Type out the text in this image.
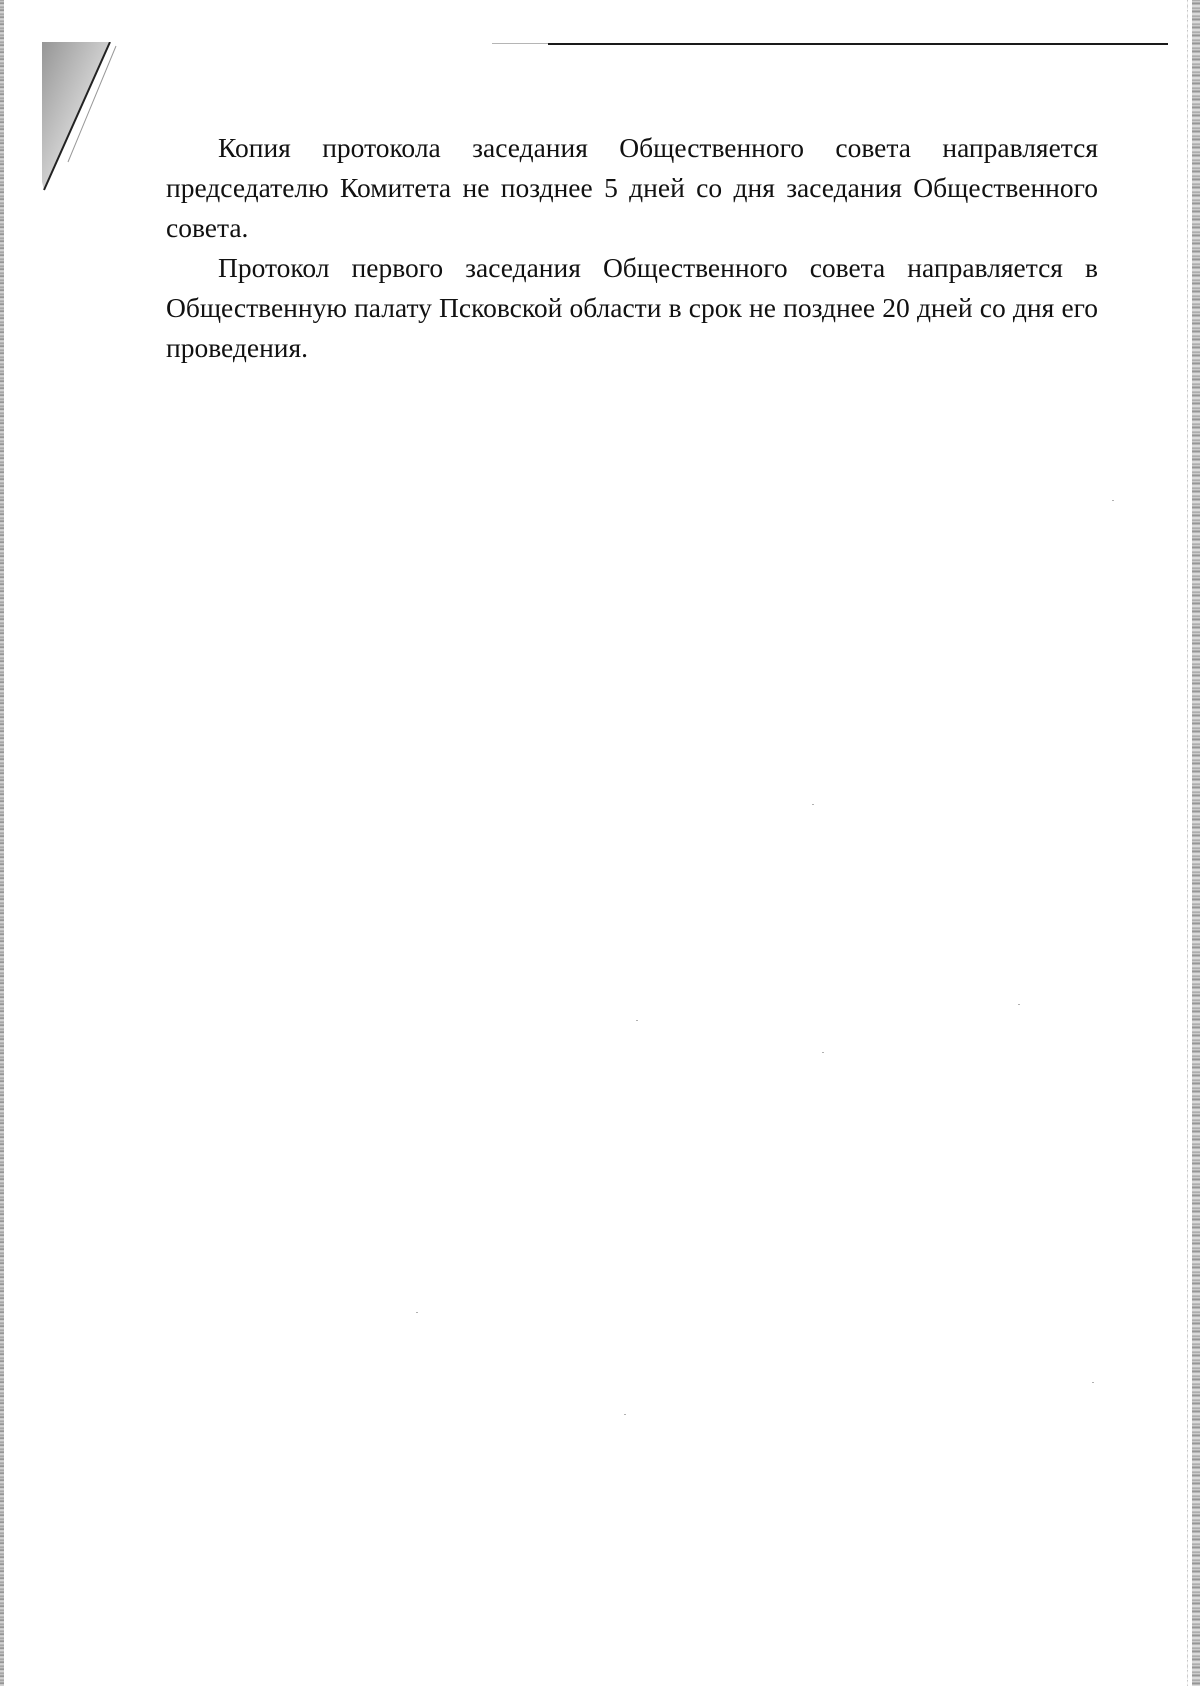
Копия протокола заседания Общественного совета направляется председателю Комитета не позднее 5 дней со дня заседания Общественного совета.

Протокол первого заседания Общественного совета направляется в Общественную палату Псковской области в срок не позднее 20 дней со дня его проведения.
